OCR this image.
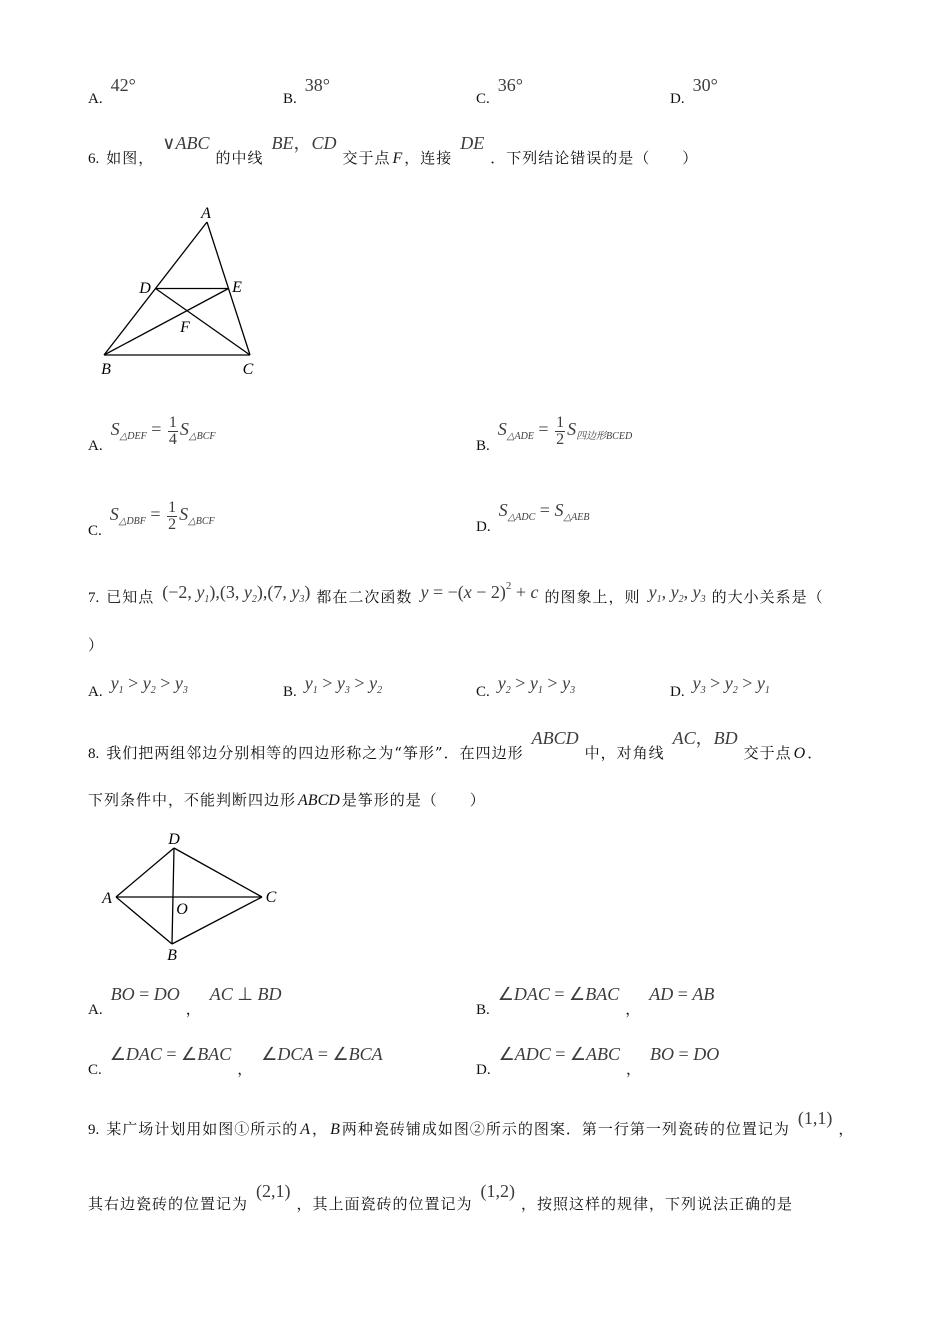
A.42°
B.38°
C.36°
D.30°
6. 如图，∨ABC的中线BE，CD交于点 F ，连接DE．下列结论错误的是（　　）
A
D	E
F
B	C
$A.S_{\triangle DEF} = \frac{1}{4} S_{\triangle BCF}$
$B.S_{\triangle ADE} = \frac{1}{2} S_{四边形BCED}$
$C.S_{\triangle DBF} = \frac{1}{2} S_{\triangle BCF}$	$D.S_{\triangle ADC} = S_{\triangle AEB}$
7. 已知点 (−2, $y_1),(3$, $y_2),(7$, $y_3$) 都在二次函数 $y = -(x - 2)^2 + c$ 的图象上，则 $y_1$, $y_2$, $y_3$ 的大小关系是（
）
A. $y_1 > y_2 > y_3$	B. $y_1 > y_3 > y_2$	C. $y_2 > y_1 > y_3$	D. $y_3 > y_2 > y_1$
8. 我们把两组邻边分别相等的四边形称之为“筝形”．在四边形ABCD中，对角线AC，BD交于点 O ．
下列条件中，不能判断四边形 ABCD 是筝形的是（　　）
D
A
O
C
B
A.BO = DO，AC ⊥ BD
B.∠DAC = ∠BAC，AD = AB
C.∠DAC = ∠BAC，∠DCA = ∠BCA
D.∠ADC = ∠ABC，BO = DO
9. 某广场计划用如图①所示的 A ， B 两种瓷砖铺成如图②所示的图案．第一行第一列瓷砖的位置记为(1,1)，
其右边瓷砖的位置记为(2,1)，其上面瓷砖的位置记为(1,2)，按照这样的规律，下列说法正确的是
